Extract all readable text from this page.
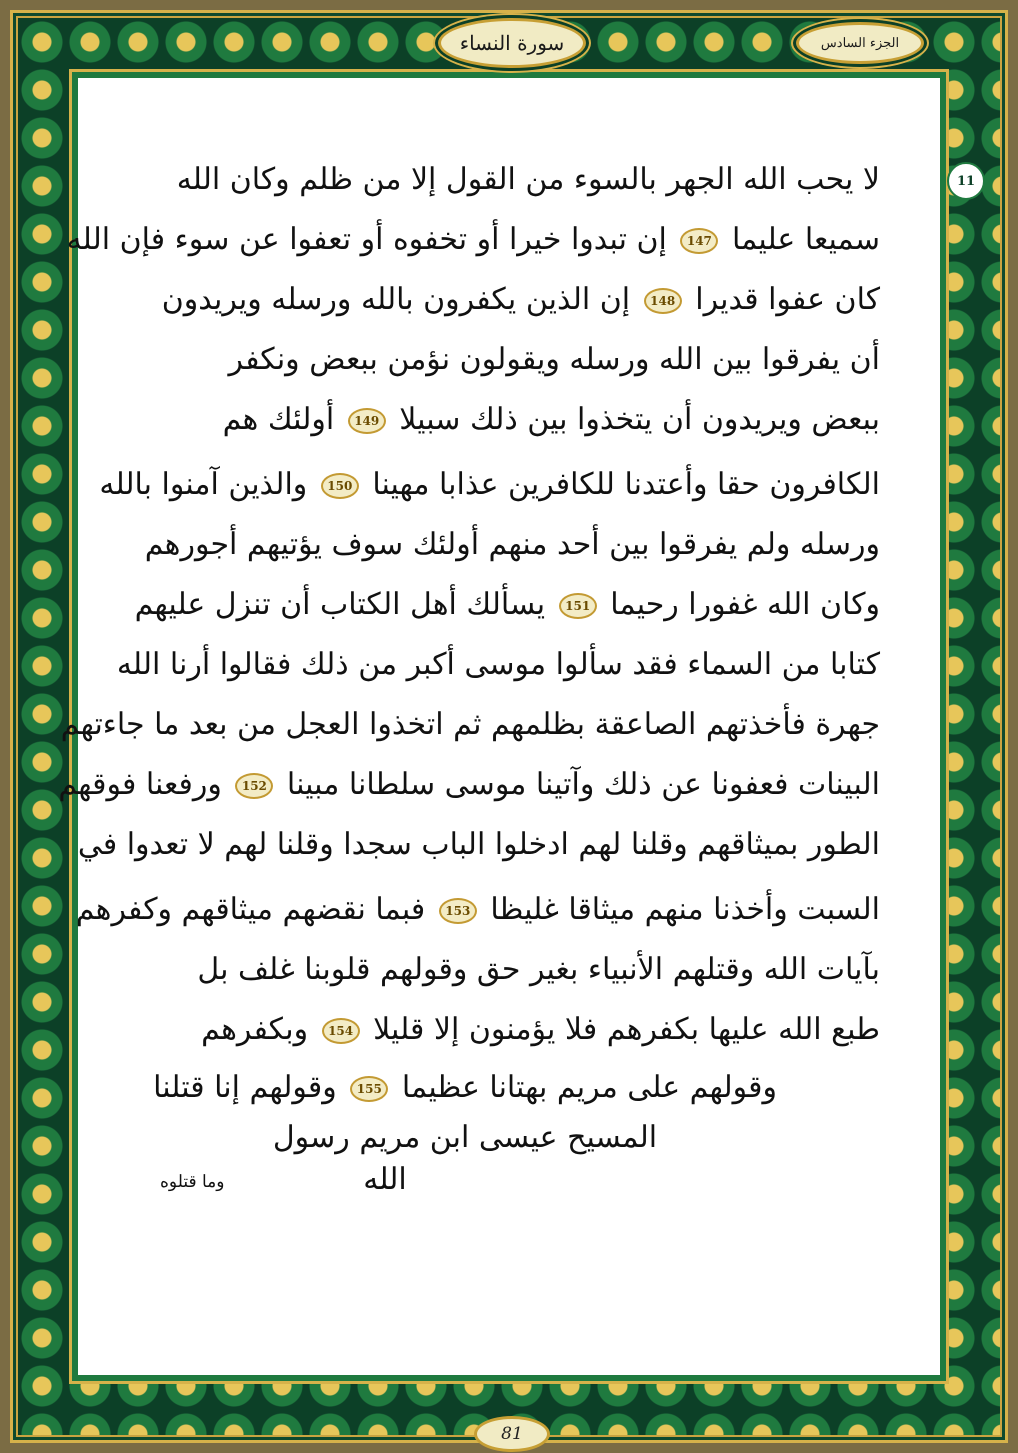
الجزء السادس
سورة النساء
11
لا يحب الله الجهر بالسوء من القول إلا من ظلم وكان الله
سميعا عليما 147 إن تبدوا خيرا أو تخفوه أو تعفوا عن سوء فإن الله
كان عفوا قديرا 148 إن الذين يكفرون بالله ورسله ويريدون
أن يفرقوا بين الله ورسله ويقولون نؤمن ببعض ونكفر
ببعض ويريدون أن يتخذوا بين ذلك سبيلا 149 أولئك هم
الكافرون حقا وأعتدنا للكافرين عذابا مهينا 150 والذين آمنوا بالله
ورسله ولم يفرقوا بين أحد منهم أولئك سوف يؤتيهم أجورهم
وكان الله غفورا رحيما 151 يسألك أهل الكتاب أن تنزل عليهم
كتابا من السماء فقد سألوا موسى أكبر من ذلك فقالوا أرنا الله
جهرة فأخذتهم الصاعقة بظلمهم ثم اتخذوا العجل من بعد ما جاءتهم
البينات فعفونا عن ذلك وآتينا موسى سلطانا مبينا 152 ورفعنا فوقهم
الطور بميثاقهم وقلنا لهم ادخلوا الباب سجدا وقلنا لهم لا تعدوا في
السبت وأخذنا منهم ميثاقا غليظا 153 فبما نقضهم ميثاقهم وكفرهم
بآيات الله وقتلهم الأنبياء بغير حق وقولهم قلوبنا غلف بل
طبع الله عليها بكفرهم فلا يؤمنون إلا قليلا 154 وبكفرهم
وقولهم على مريم بهتانا عظيما 155 وقولهم إنا قتلنا
المسيح عيسى ابن مريم رسول
الله
وما قتلوه
81
